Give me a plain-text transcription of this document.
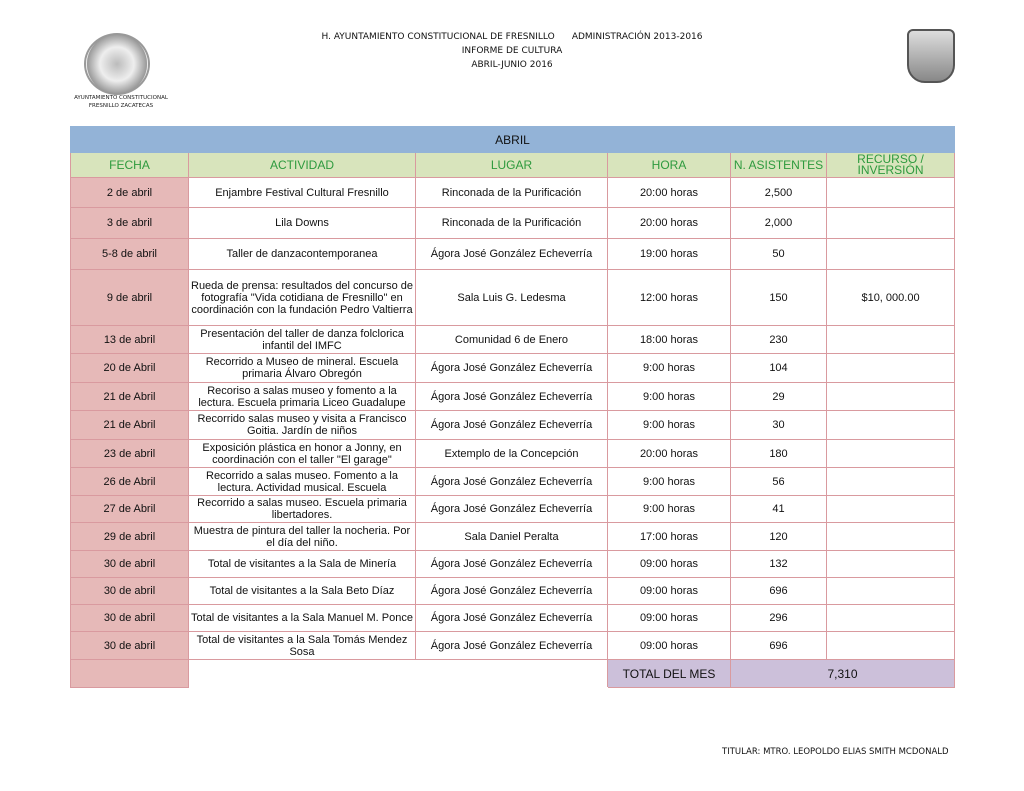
AYUNTAMIENTO CONSTITUCIONAL
FRESNILLO ZACATECAS
H. AYUNTAMIENTO CONSTITUCIONAL DE FRESNILLO      ADMINISTRACIÓN 2013-2016
INFORME DE CULTURA
ABRIL-JUNIO 2016
ABRIL					
FECHA	ACTIVIDAD	LUGAR	HORA	N. ASISTENTES	RECURSO / INVERSIÓN
2 de abril	Enjambre Festival Cultural Fresnillo	Rinconada de la Purificación	20:00 horas	2,500	
3 de abril	Lila Downs	Rinconada de la Purificación	20:00 horas	2,000	
5-8 de abril	Taller de danzacontemporanea	Ágora José González Echeverría	19:00 horas	50	
9 de abril	Rueda de prensa: resultados del concurso de fotografía "Vida cotidiana de Fresnillo" en coordinación con la fundación Pedro Valtierra	Sala Luis G. Ledesma	12:00 horas	150	$10, 000.00
13 de abril	Presentación del taller de danza folclorica infantil del IMFC	Comunidad 6 de Enero	18:00 horas	230	
20 de Abril	Recorrido a Museo de mineral. Escuela primaria Álvaro Obregón	Ágora José González Echeverría	9:00 horas	104	
21 de Abril	Recoriso a salas museo y fomento a la lectura. Escuela primaria Liceo Guadalupe	Ágora José González Echeverría	9:00 horas	29	
21 de Abril	Recorrido salas museo y visita a Francisco Goitia. Jardín de niños	Ágora José González Echeverría	9:00 horas	30	
23 de abril	Exposición plástica en honor a Jonny, en coordinación con el taller "El garage"	Extemplo de la Concepción	20:00 horas	180	
26 de Abril	Recorrido a salas museo. Fomento a la lectura. Actividad musical. Escuela	Ágora José González Echeverría	9:00 horas	56	
27 de Abril	Recorrido a salas museo. Escuela primaria libertadores.	Ágora José González Echeverría	9:00 horas	41	
29 de abril	Muestra de pintura del taller la nocheria. Por el día del niño.	Sala Daniel Peralta	17:00 horas	120	
30 de abril	Total de visitantes a la Sala de Minería	Ágora José González Echeverría	09:00 horas	132	
30 de abril	Total de visitantes a la Sala Beto Díaz	Ágora José González Echeverría	09:00 horas	696	
30 de abril	Total de visitantes a la Sala Manuel M. Ponce	Ágora José González Echeverría	09:00 horas	296	
30 de abril	Total de visitantes a la Sala Tomás Mendez Sosa	Ágora José González Echeverría	09:00 horas	696	
			TOTAL DEL MES	7,310	
TITULAR: MTRO. LEOPOLDO ELIAS SMITH MCDONALD
